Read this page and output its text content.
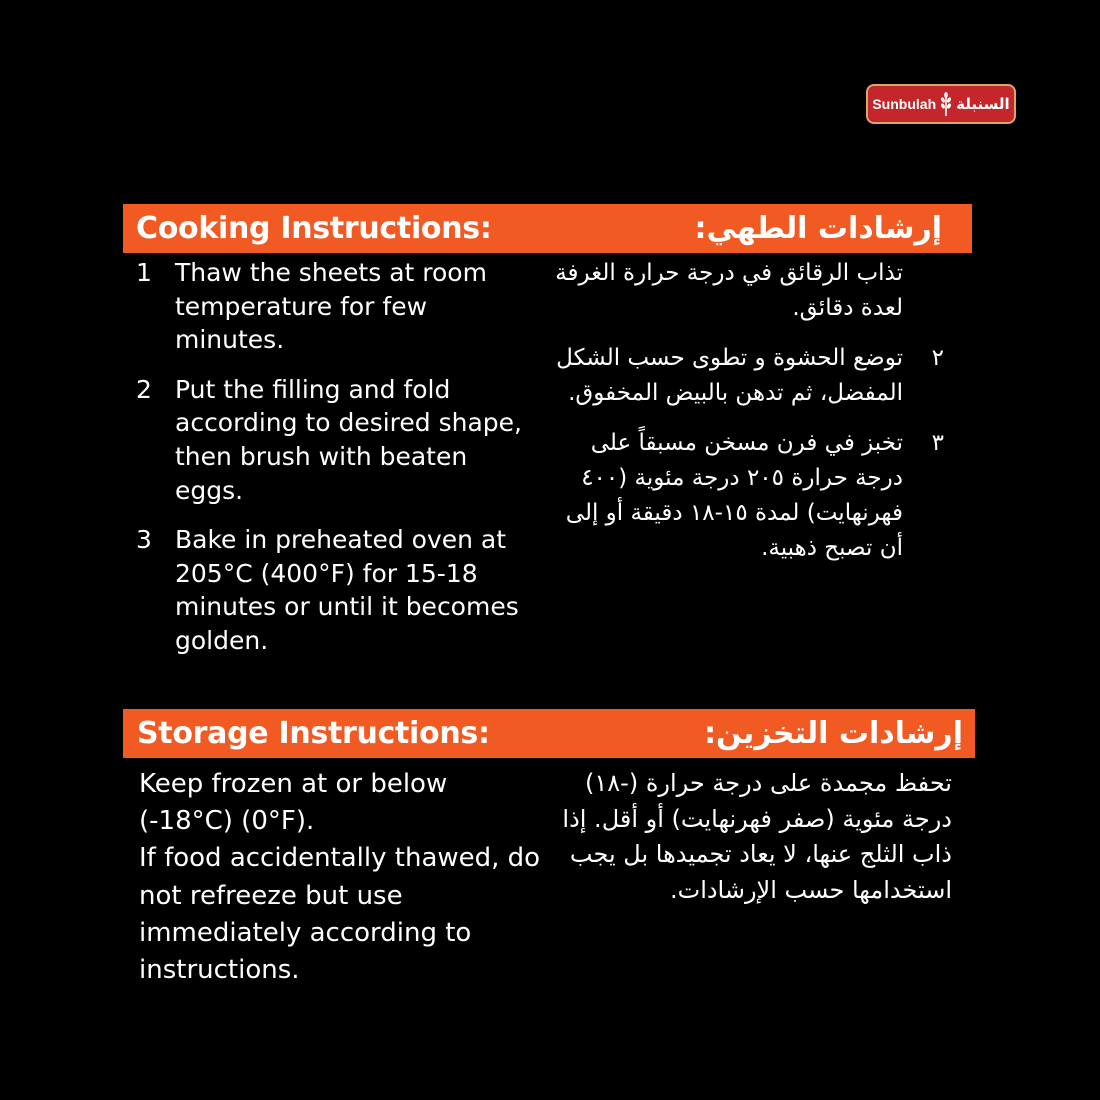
Sunbulah السنبلة
Cooking Instructions:	إرشادات الطهي:
1 Thaw the sheets at room temperature for few minutes.
2 Put the filling and fold according to desired shape, then brush with beaten eggs.
3 Bake in preheated oven at 205°C (400°F) for 15-18 minutes or until it becomes golden.
تذاب الرقائق في درجة حرارة الغرفة لعدة دقائق.
٢
توضع الحشوة و تطوى حسب الشكل المفضل، ثم تدهن بالبيض المخفوق.
٣
تخبز في فرن مسخن مسبقاً على درجة حرارة ٢٠٥ درجة مئوية (٤٠٠ فهرنهايت) لمدة ١٥-١٨ دقيقة أو إلى أن تصبح ذهبية.
Storage Instructions:	إرشادات التخزين:

Keep frozen at or below (-18°C) (0°F).

If food accidentally thawed, do not refreeze but use immediately according to instructions.

تحفظ مجمدة على درجة حرارة (-١٨) درجة مئوية (صفر فهرنهايت) أو أقل. إذا ذاب الثلج عنها، لا يعاد تجميدها بل يجب استخدامها حسب الإرشادات.
